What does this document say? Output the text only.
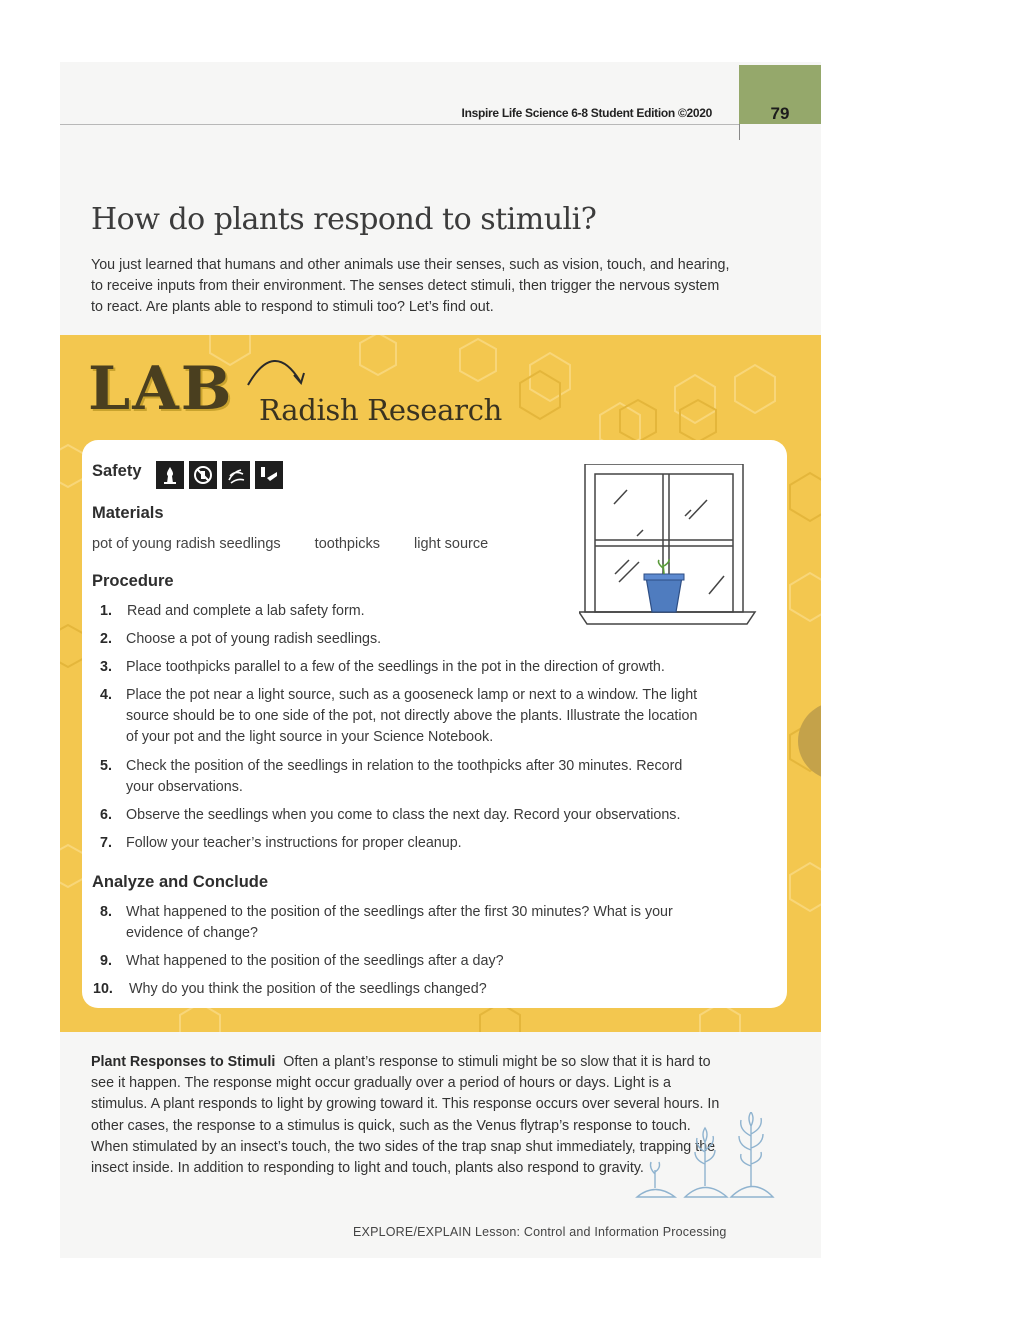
Inspire Life Science 6-8 Student Edition ©2020	79
How do plants respond to stimuli?
You just learned that humans and other animals use their senses, such as vision, touch, and hearing, to receive inputs from their environment. The senses detect stimuli, then trigger the nervous system to react. Are plants able to respond to stimuli too? Let’s find out.
LAB Radish Research
Safety
Materials
pot of young radish seedlings toothpicks light source
Procedure
1. Read and complete a lab safety form.
2. Choose a pot of young radish seedlings.
3. Place toothpicks parallel to a few of the seedlings in the pot in the direction of growth.
4. Place the pot near a light source, such as a gooseneck lamp or next to a window. The light source should be to one side of the pot, not directly above the plants. Illustrate the location of your pot and the light source in your Science Notebook.
5. Check the position of the seedlings in relation to the toothpicks after 30 minutes. Record your observations.
6. Observe the seedlings when you come to class the next day. Record your observations.
7. Follow your teacher’s instructions for proper cleanup.
Analyze and Conclude
8. What happened to the position of the seedlings after the first 30 minutes? What is your evidence of change?
9. What happened to the position of the seedlings after a day?
10. Why do you think the position of the seedlings changed?
Plant Responses to Stimuli Often a plant’s response to stimuli might be so slow that it is hard to see it happen. The response might occur gradually over a period of hours or days. Light is a stimulus. A plant responds to light by growing toward it. This response occurs over several hours. In other cases, the response to a stimulus is quick, such as the Venus flytrap’s response to touch. When stimulated by an insect’s touch, the two sides of the trap snap shut immediately, trapping the insect inside. In addition to responding to light and touch, plants also respond to gravity.
EXPLORE/EXPLAIN Lesson: Control and Information Processing
